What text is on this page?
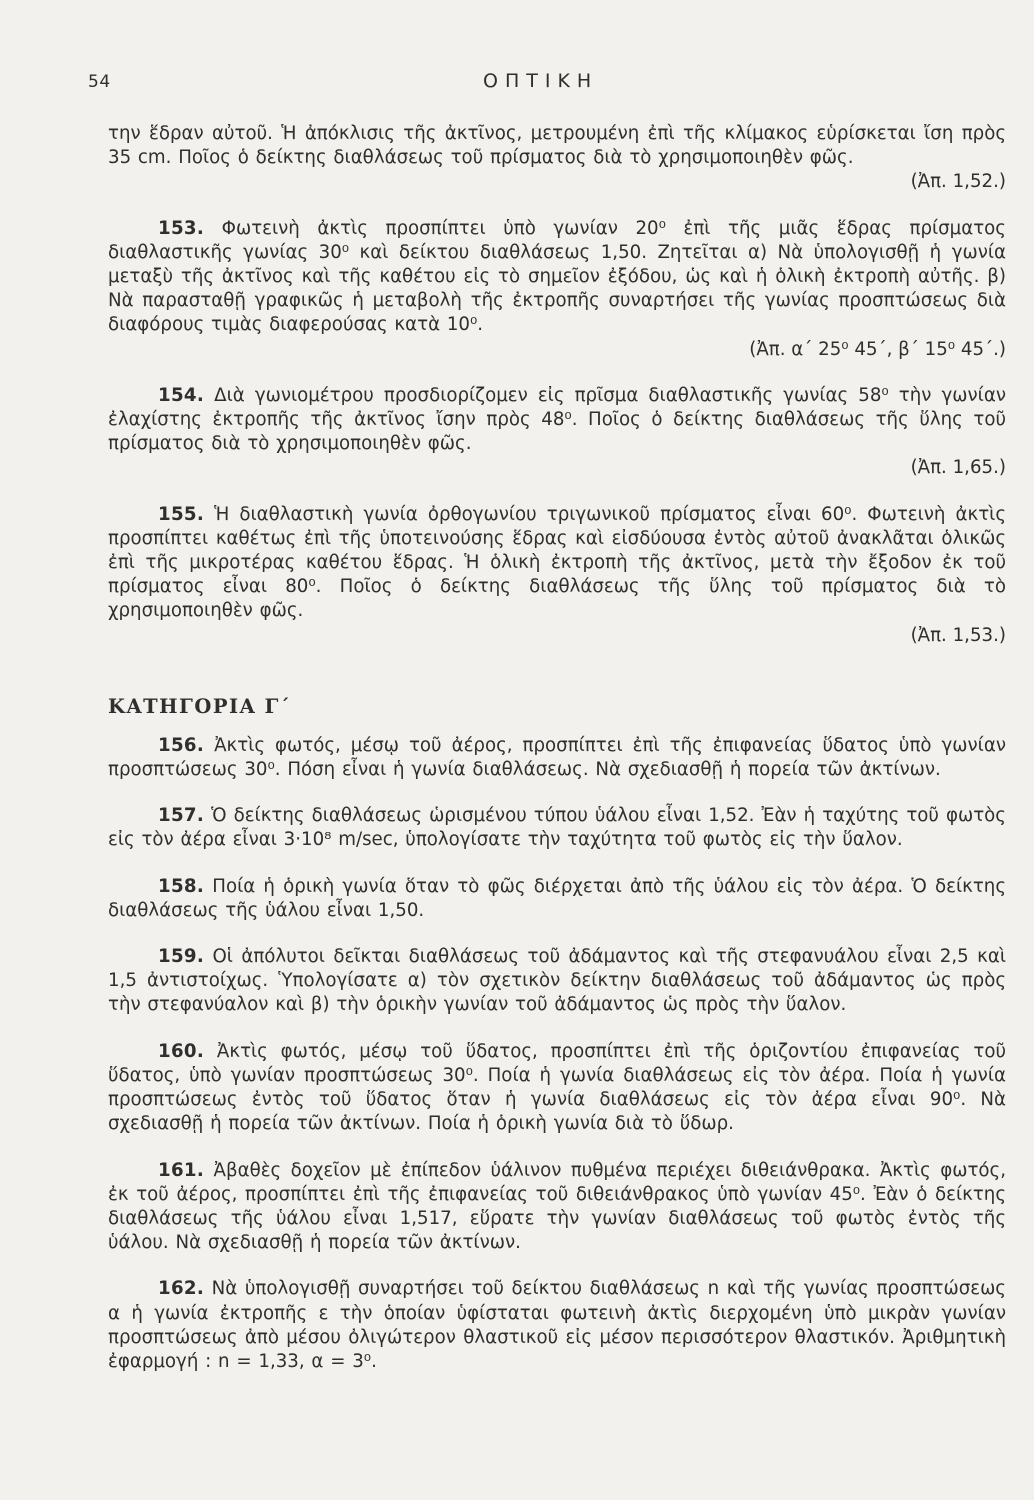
54	ΟΠΤΙΚΗ

την ἕδραν αὐτοῦ. Ἡ ἀπόκλισις τῆς ἀκτῖνος, μετρουμένη ἐπὶ τῆς κλίμακος εὑρίσκεται ἴση πρὸς 35 cm. Ποῖος ὁ δείκτης διαθλάσεως τοῦ πρίσματος διὰ τὸ χρησιμοποιηθὲν φῶς.

(Ἀπ. 1,52.)

153. Φωτεινὴ ἀκτὶς προσπίπτει ὑπὸ γωνίαν 20⁰ ἐπὶ τῆς μιᾶς ἕδρας πρίσματος διαθλαστικῆς γωνίας 30⁰ καὶ δείκτου διαθλάσεως 1,50. Ζητεῖται α) Νὰ ὑπολογισθῇ ἡ γωνία μεταξὺ τῆς ἀκτῖνος καὶ τῆς καθέτου εἰς τὸ σημεῖον ἐξόδου, ὡς καὶ ἡ ὁλικὴ ἐκτροπὴ αὐτῆς. β) Νὰ παρασταθῇ γραφικῶς ἡ μεταβολὴ τῆς ἐκτροπῆς συναρτήσει τῆς γωνίας προσπτώσεως διὰ διαφόρους τιμὰς διαφερούσας κατὰ 10⁰.

(Ἀπ. α΄ 25⁰ 45΄, β΄ 15⁰ 45΄.)

154. Διὰ γωνιομέτρου προσδιορίζομεν εἰς πρῖσμα διαθλαστικῆς γωνίας 58⁰ τὴν γωνίαν ἐλαχίστης ἐκτροπῆς τῆς ἀκτῖνος ἴσην πρὸς 48⁰. Ποῖος ὁ δείκτης διαθλάσεως τῆς ὕλης τοῦ πρίσματος διὰ τὸ χρησιμοποιηθὲν φῶς.

(Ἀπ. 1,65.)

155. Ἡ διαθλαστικὴ γωνία ὀρθογωνίου τριγωνικοῦ πρίσματος εἶναι 60⁰. Φωτεινὴ ἀκτὶς προσπίπτει καθέτως ἐπὶ τῆς ὑποτεινούσης ἕδρας καὶ εἰσδύουσα ἐντὸς αὐτοῦ ἀνακλᾶται ὁλικῶς ἐπὶ τῆς μικροτέρας καθέτου ἕδρας. Ἡ ὁλικὴ ἐκτροπὴ τῆς ἀκτῖνος, μετὰ τὴν ἔξοδον ἐκ τοῦ πρίσματος εἶναι 80⁰. Ποῖος ὁ δείκτης διαθλάσεως τῆς ὕλης τοῦ πρίσματος διὰ τὸ χρησιμοποιηθὲν φῶς.

(Ἀπ. 1,53.)

ΚΑΤΗΓΟΡΙΑ Γ΄

156. Ἀκτὶς φωτός, μέσῳ τοῦ ἀέρος, προσπίπτει ἐπὶ τῆς ἐπιφανείας ὕδατος ὑπὸ γωνίαν προσπτώσεως 30⁰. Πόση εἶναι ἡ γωνία διαθλάσεως. Νὰ σχεδιασθῇ ἡ πορεία τῶν ἀκτίνων.

157. Ὁ δείκτης διαθλάσεως ὡρισμένου τύπου ὑάλου εἶναι 1,52. Ἐὰν ἡ ταχύτης τοῦ φωτὸς εἰς τὸν ἀέρα εἶναι 3·10⁸ m/sec, ὑπολογίσατε τὴν ταχύτητα τοῦ φωτὸς εἰς τὴν ὕαλον.

158. Ποία ἡ ὁρικὴ γωνία ὅταν τὸ φῶς διέρχεται ἀπὸ τῆς ὑάλου εἰς τὸν ἀέρα. Ὁ δείκτης διαθλάσεως τῆς ὑάλου εἶναι 1,50.

159. Οἱ ἀπόλυτοι δεῖκται διαθλάσεως τοῦ ἀδάμαντος καὶ τῆς στεφανυάλου εἶναι 2,5 καὶ 1,5 ἀντιστοίχως. Ὑπολογίσατε α) τὸν σχετικὸν δείκτην διαθλάσεως τοῦ ἀδάμαντος ὡς πρὸς τὴν στεφανύαλον καὶ β) τὴν ὁρικὴν γωνίαν τοῦ ἀδάμαντος ὡς πρὸς τὴν ὕαλον.

160. Ἀκτὶς φωτός, μέσῳ τοῦ ὕδατος, προσπίπτει ἐπὶ τῆς ὁριζοντίου ἐπιφανείας τοῦ ὕδατος, ὑπὸ γωνίαν προσπτώσεως 30⁰. Ποία ἡ γωνία διαθλάσεως εἰς τὸν ἀέρα. Ποία ἡ γωνία προσπτώσεως ἐντὸς τοῦ ὕδατος ὅταν ἡ γωνία διαθλάσεως εἰς τὸν ἀέρα εἶναι 90⁰. Νὰ σχεδιασθῇ ἡ πορεία τῶν ἀκτίνων. Ποία ἡ ὁρικὴ γωνία διὰ τὸ ὕδωρ.

161. Ἀβαθὲς δοχεῖον μὲ ἐπίπεδον ὑάλινον πυθμένα περιέχει διθειάνθρακα. Ἀκτὶς φωτός, ἐκ τοῦ ἀέρος, προσπίπτει ἐπὶ τῆς ἐπιφανείας τοῦ διθειάνθρακος ὑπὸ γωνίαν 45⁰. Ἐὰν ὁ δείκτης διαθλάσεως τῆς ὑάλου εἶναι 1,517, εὕρατε τὴν γωνίαν διαθλάσεως τοῦ φωτὸς ἐντὸς τῆς ὑάλου. Νὰ σχεδιασθῇ ἡ πορεία τῶν ἀκτίνων.

162. Νὰ ὑπολογισθῇ συναρτήσει τοῦ δείκτου διαθλάσεως n καὶ τῆς γωνίας προσπτώσεως α ἡ γωνία ἐκτροπῆς ε τὴν ὁποίαν ὑφίσταται φωτεινὴ ἀκτὶς διερχομένη ὑπὸ μικρὰν γωνίαν προσπτώσεως ἀπὸ μέσου ὀλιγώτερον θλαστικοῦ εἰς μέσον περισσότερον θλαστικόν. Ἀριθμητικὴ ἐφαρμογή : n = 1,33, α = 3⁰.
